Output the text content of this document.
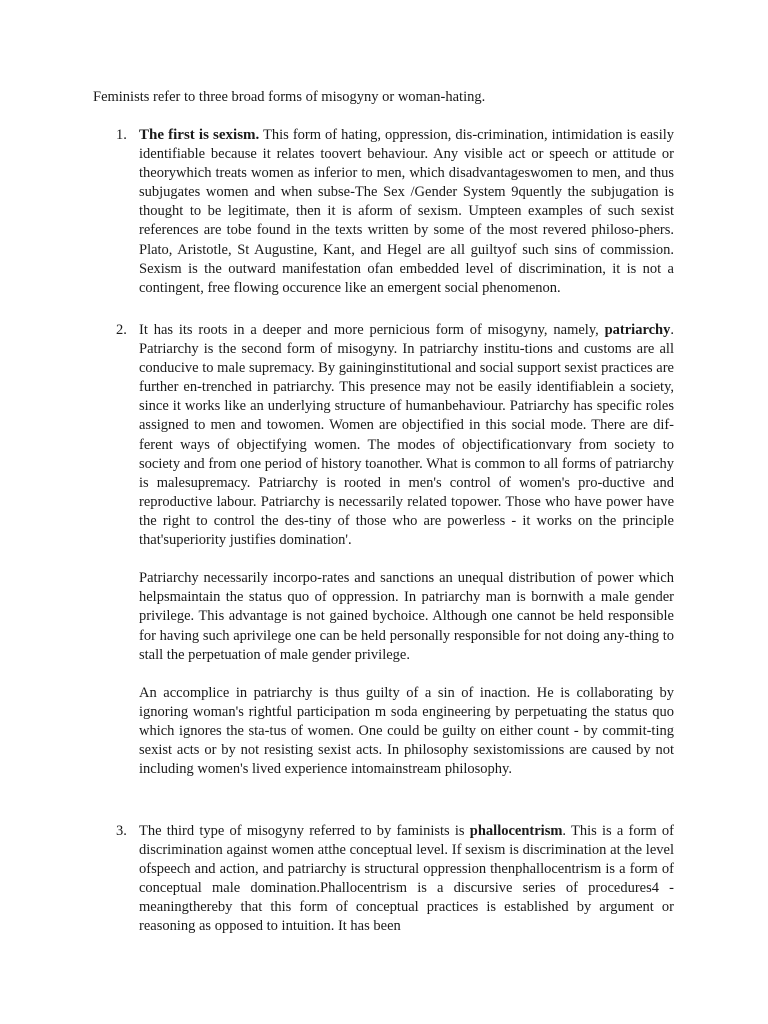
Feminists refer to three broad forms of misogyny or woman-hating.

1. The first is sexism. This form of hating, oppression, dis-crimination, intimidation is easily identifiable because it relates toovert behaviour. Any visible act or speech or attitude or theorywhich treats women as inferior to men, which disadvantageswomen to men, and thus subjugates women and when subse-The Sex /Gender System 9quently the subjugation is thought to be legitimate, then it is aform of sexism. Umpteen examples of such sexist references are tobe found in the texts written by some of the most revered philoso-phers. Plato, Aristotle, St Augustine, Kant, and Hegel are all guiltyof such sins of commission. Sexism is the outward manifestation ofan embedded level of discrimination, it is not a contingent, free flowing occurence like an emergent social phenomenon.

2. It has its roots in a deeper and more pernicious form of misogyny, namely, patriarchy. Patriarchy is the second form of misogyny. In patriarchy institu-tions and customs are all conducive to male supremacy. By gaininginstitutional and social support sexist practices are further en-trenched in patriarchy. This presence may not be easily identifiablein a society, since it works like an underlying structure of humanbehaviour. Patriarchy has specific roles assigned to men and towomen. Women are objectified in this social mode. There are dif-ferent ways of objectifying women. The modes of objectificationvary from society to society and from one period of history toanother. What is common to all forms of patriarchy is malesupremacy. Patriarchy is rooted in men's control of women's pro-ductive and reproductive labour. Patriarchy is necessarily related topower. Those who have power have the right to control the des-tiny of those who are powerless - it works on the principle that'superiority justifies domination'.

Patriarchy necessarily incorpo-rates and sanctions an unequal distribution of power which helpsmaintain the status quo of oppression. In patriarchy man is bornwith a male gender privilege. This advantage is not gained bychoice. Although one cannot be held responsible for having such aprivilege one can be held personally responsible for not doing any-thing to stall the perpetuation of male gender privilege.

An accomplice in patriarchy is thus guilty of a sin of inaction. He is collaborating by ignoring woman's rightful participation m soda engineering by perpetuating the status quo which ignores the sta-tus of women. One could be guilty on either count - by commit-ting sexist acts or by not resisting sexist acts. In philosophy sexistomissions are caused by not including women's lived experience intomainstream philosophy.

3. The third type of misogyny referred to by faminists is phallocentrism. This is a form of discrimination against women atthe conceptual level. If sexism is discrimination at the level ofspeech and action, and patriarchy is structural oppression thenphallocentrism is a form of conceptual male domination.Phallocentrism is a discursive series of procedures4 - meaningthereby that this form of conceptual practices is established by argument or reasoning as opposed to intuition. It has been
